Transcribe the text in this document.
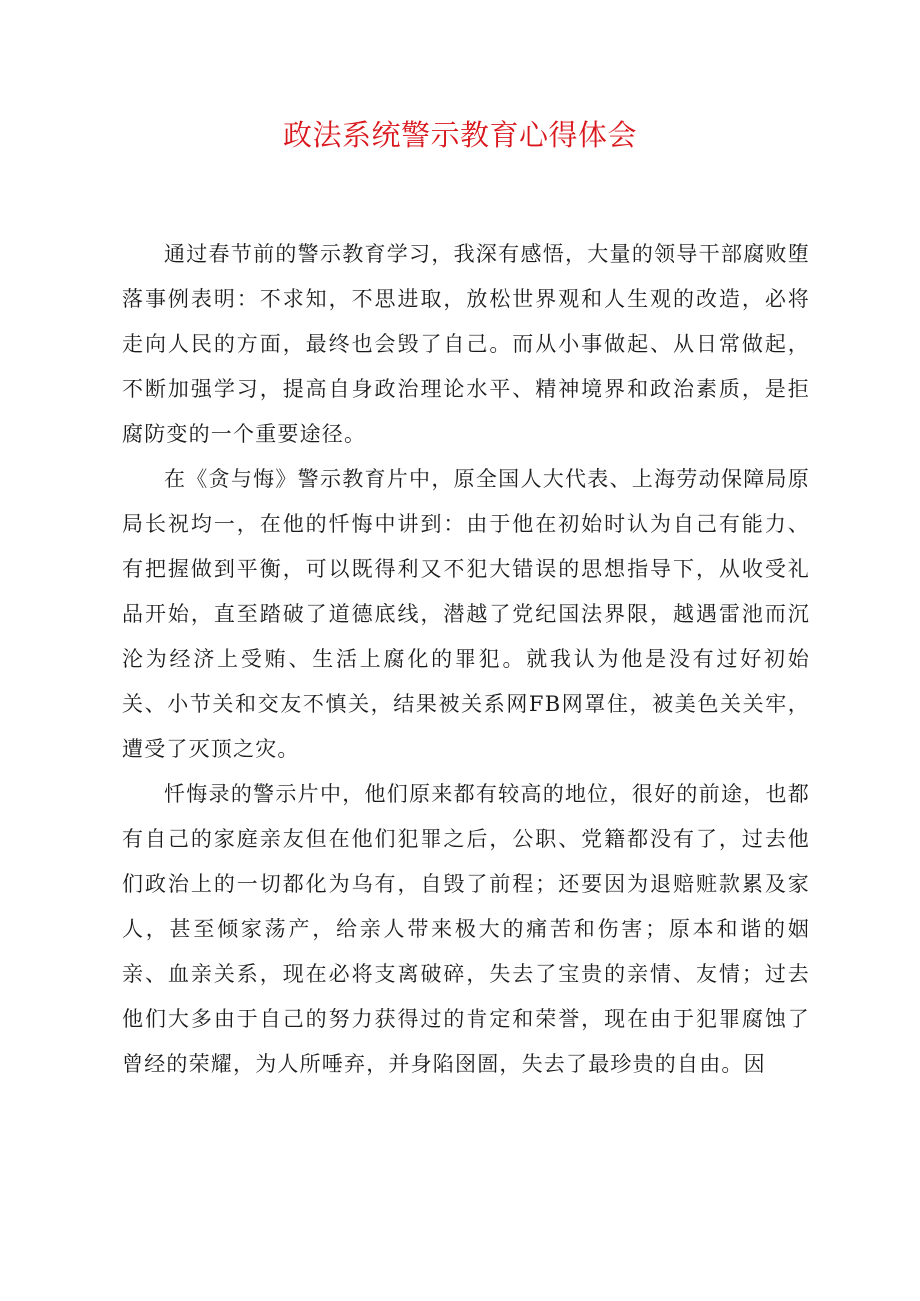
政法系统警示教育心得体会

通过春节前的警示教育学习，我深有感悟，大量的领导干部腐败堕落事例表明：不求知，不思进取，放松世界观和人生观的改造，必将走向人民的方面，最终也会毁了自己。而从小事做起、从日常做起，不断加强学习，提高自身政治理论水平、精神境界和政治素质，是拒腐防变的一个重要途径。

在《贪与悔》警示教育片中，原全国人大代表、上海劳动保障局原局长祝均一，在他的忏悔中讲到：由于他在初始时认为自己有能力、有把握做到平衡，可以既得利又不犯大错误的思想指导下，从收受礼品开始，直至踏破了道德底线，潜越了党纪国法界限，越遇雷池而沉沦为经济上受贿、生活上腐化的罪犯。就我认为他是没有过好初始关、小节关和交友不慎关，结果被关系网FB网罩住，被美色关关牢，遭受了灭顶之灾。

忏悔录的警示片中，他们原来都有较高的地位，很好的前途，也都有自己的家庭亲友但在他们犯罪之后，公职、党籍都没有了，过去他们政治上的一切都化为乌有，自毁了前程；还要因为退赔赃款累及家人，甚至倾家荡产，给亲人带来极大的痛苦和伤害；原本和谐的姻亲、血亲关系，现在必将支离破碎，失去了宝贵的亲情、友情；过去他们大多由于自己的努力获得过的肯定和荣誉，现在由于犯罪腐蚀了曾经的荣耀，为人所唾弃，并身陷囹圄，失去了最珍贵的自由。因
